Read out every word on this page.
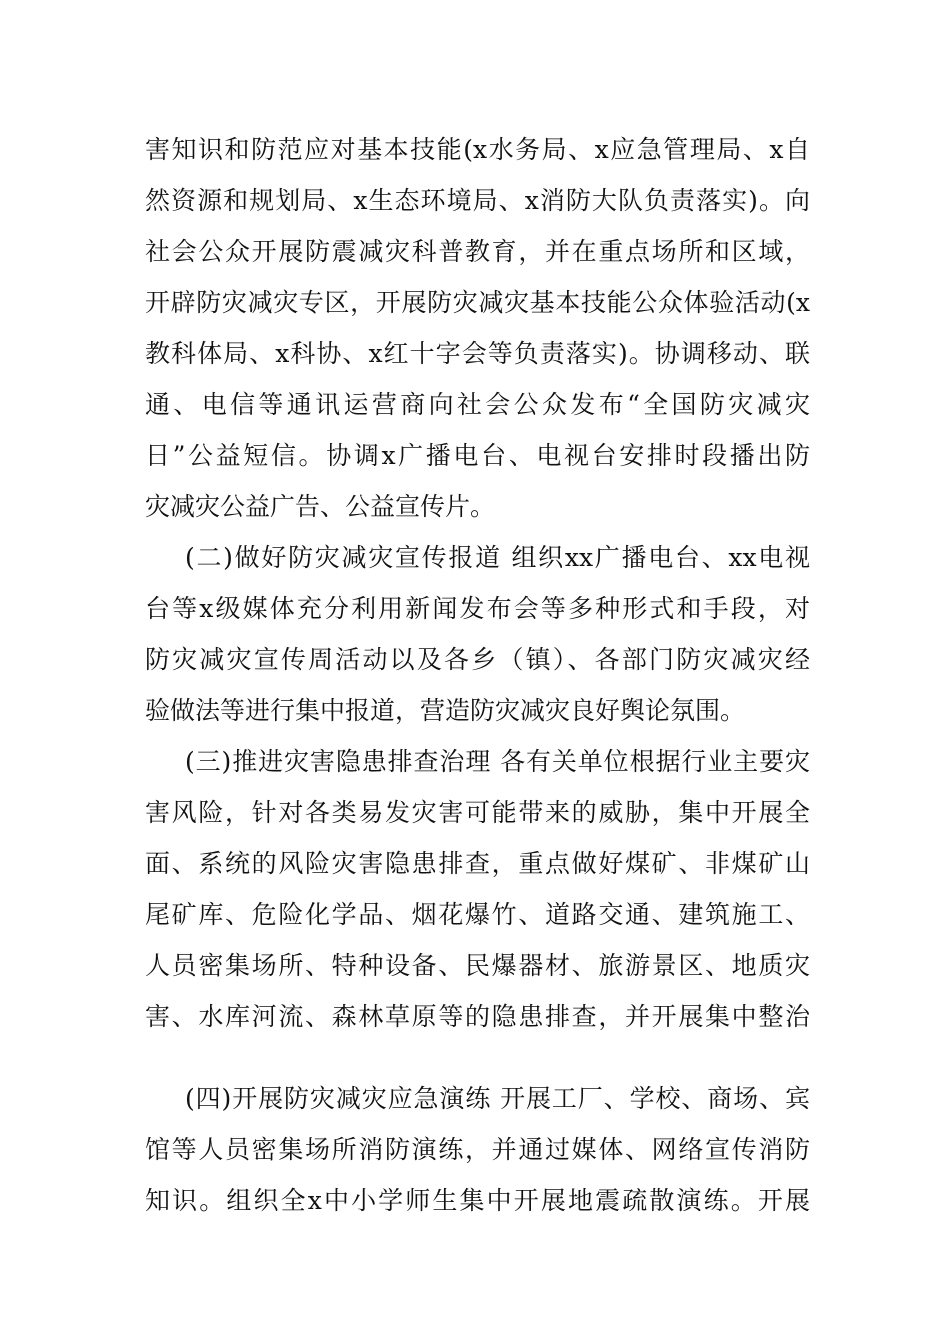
害知识和防范应对基本技能(x水务局、x应急管理局、x自
然资源和规划局、x生态环境局、x消防大队负责落实)。向
社会公众开展防震减灾科普教育，并在重点场所和区域，
开辟防灾减灾专区，开展防灾减灾基本技能公众体验活动(x
教科体局、x科协、x红十字会等负责落实)。协调移动、联
通、电信等通讯运营商向社会公众发布“全国防灾减灾
日”公益短信。协调x广播电台、电视台安排时段播出防
灾减灾公益广告、公益宣传片。
(二)做好防灾减灾宣传报道 组织xx广播电台、xx电视
台等x级媒体充分利用新闻发布会等多种形式和手段，对
防灾减灾宣传周活动以及各乡（镇）、各部门防灾减灾经
验做法等进行集中报道，营造防灾减灾良好舆论氛围。
(三)推进灾害隐患排查治理 各有关单位根据行业主要灾
害风险，针对各类易发灾害可能带来的威胁，集中开展全
面、系统的风险灾害隐患排查，重点做好煤矿、非煤矿山
尾矿库、危险化学品、烟花爆竹、道路交通、建筑施工、
人员密集场所、特种设备、民爆器材、旅游景区、地质灾
害、水库河流、森林草原等的隐患排查，并开展集中整治
(四)开展防灾减灾应急演练 开展工厂、学校、商场、宾
馆等人员密集场所消防演练，并通过媒体、网络宣传消防
知识。组织全x中小学师生集中开展地震疏散演练。开展
